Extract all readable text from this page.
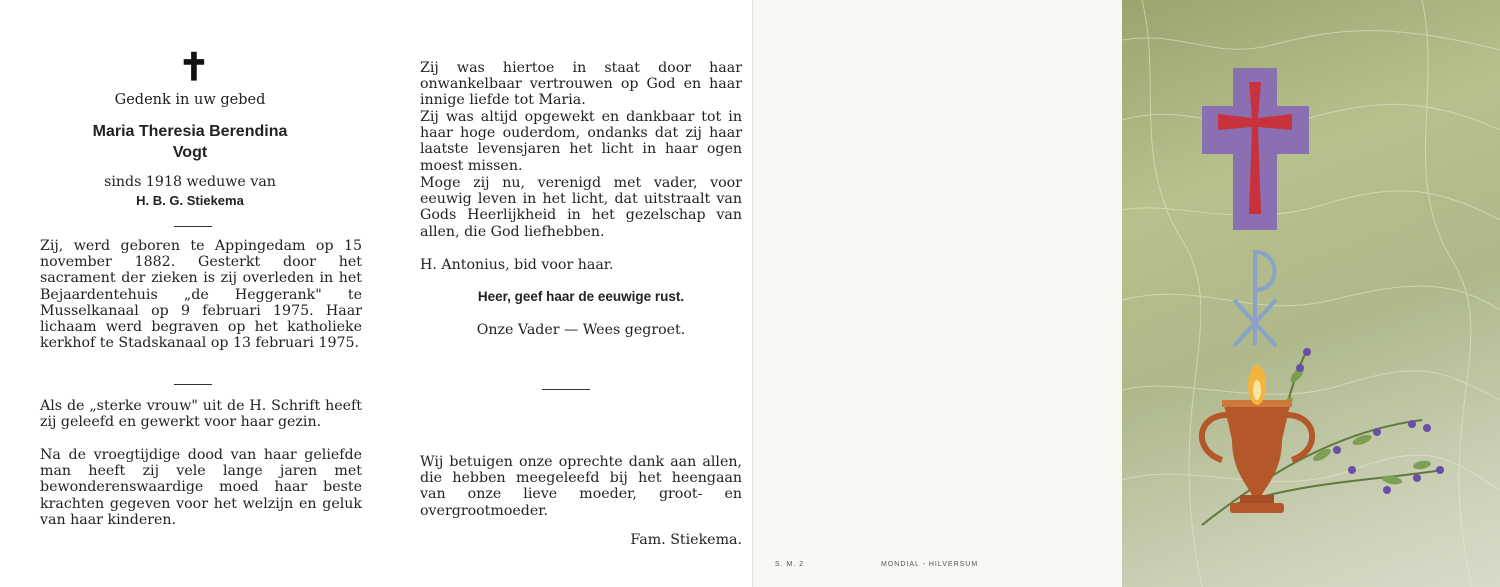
✝
Gedenk in uw gebed
Maria Theresia Berendina
Vogt
sinds 1918 weduwe van
H. B. G. Stiekema
Zij, werd geboren te Appingedam op 15 november 1882. Gesterkt door het sacrament der zieken is zij overleden in het Bejaardentehuis „de Heggerank" te Musselkanaal op 9 februari 1975. Haar lichaam werd begraven op het katholieke kerkhof te Stadskanaal op 13 februari 1975.
Als de „sterke vrouw" uit de H. Schrift heeft zij geleefd en gewerkt voor haar gezin.
Na de vroegtijdige dood van haar geliefde man heeft zij vele lange jaren met bewonderenswaardige moed haar beste krachten gegeven voor het welzijn en geluk van haar kinderen.
Zij was hiertoe in staat door haar onwankelbaar vertrouwen op God en haar innige liefde tot Maria.
Zij was altijd opgewekt en dankbaar tot in haar hoge ouderdom, ondanks dat zij haar laatste levensjaren het licht in haar ogen moest missen.
Moge zij nu, verenigd met vader, voor eeuwig leven in het licht, dat uitstraalt van Gods Heerlijkheid in het gezelschap van allen, die God liefhebben.
H. Antonius, bid voor haar.
Heer, geef haar de eeuwige rust.
Onze Vader — Wees gegroet.
Wij betuigen onze oprechte dank aan allen, die hebben meegeleefd bij het heengaan van onze lieve moeder, groot- en overgrootmoeder.
Fam. Stiekema.
S. M. 2	MONDIAL - HILVERSUM
